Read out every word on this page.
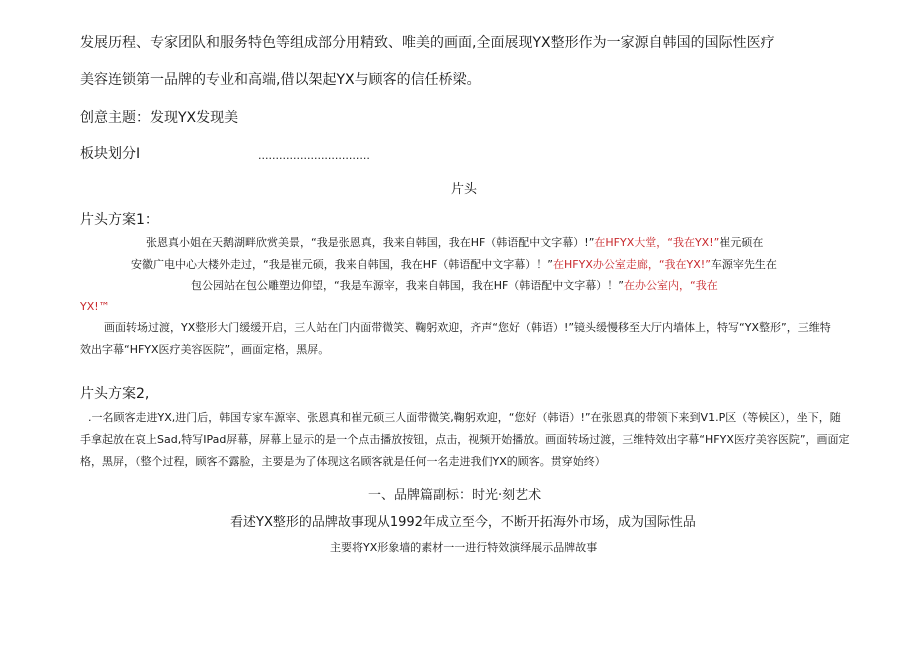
发展历程、专家团队和服务特色等组成部分用精致、唯美的画面,全面展现YX整形作为一家源自韩国的国际性医疗
美容连锁第一品牌的专业和高端,借以架起YX与顾客的信任桥梁。
创意主题：发现YX发现美
板块划分I	................................
片头
片头方案1：
张恩真小姐在天鹅湖畔欣赏美景，“我是张恩真，我来自韩国，我在HF（韩语配中文字幕）!”在HFYX大堂，“我在YX!”崔元硕在
安徽广电中心大楼外走过，“我是崔元硕，我来自韩国，我在HF（韩语配中文字幕）！”在HFYX办公室走廊，“我在YX!”车源宰先生在
包公园站在包公雕塑边仰望，“我是车源宰，我来自韩国，我在HF（韩语配中文字幕）！”在办公室内，“我在
YX!™
画面转场过渡，YX整形大门缓缓开启，三人站在门内面带微笑、鞠躬欢迎，齐声“您好（韩语）!”镜头缓慢移至大厅内墙体上，特写“YX整形”，三维特
效出字幕“HFYX医疗美容医院”，画面定格，黑屏。
片头方案2,
.一名顾客走进YX,进门后，韩国专家车源宰、张恩真和崔元硕三人面带微笑,鞠躬欢迎，“您好（韩语）!”在张恩真的带领下来到V1.P区（等候区），坐下，随
手拿起放在哀上Sad,特写IPad屏幕，屏幕上显示的是一个点击播放按钮，点击，视频开始播放。画面转场过渡，三维特效出字幕“HFYX医疗美容医院”，画面定
格，黑屏，（整个过程，顾客不露脸，主要是为了体现这名顾客就是任何一名走进我们YX的顾客。贯穿始终）
一、品牌篇副标：时光·刻艺术
看述YX整形的品牌故事现从1992年成立至今，不断开拓海外市场，成为国际性品
主要将YX形象墙的素材一一进行特效演绎展示品牌故事
